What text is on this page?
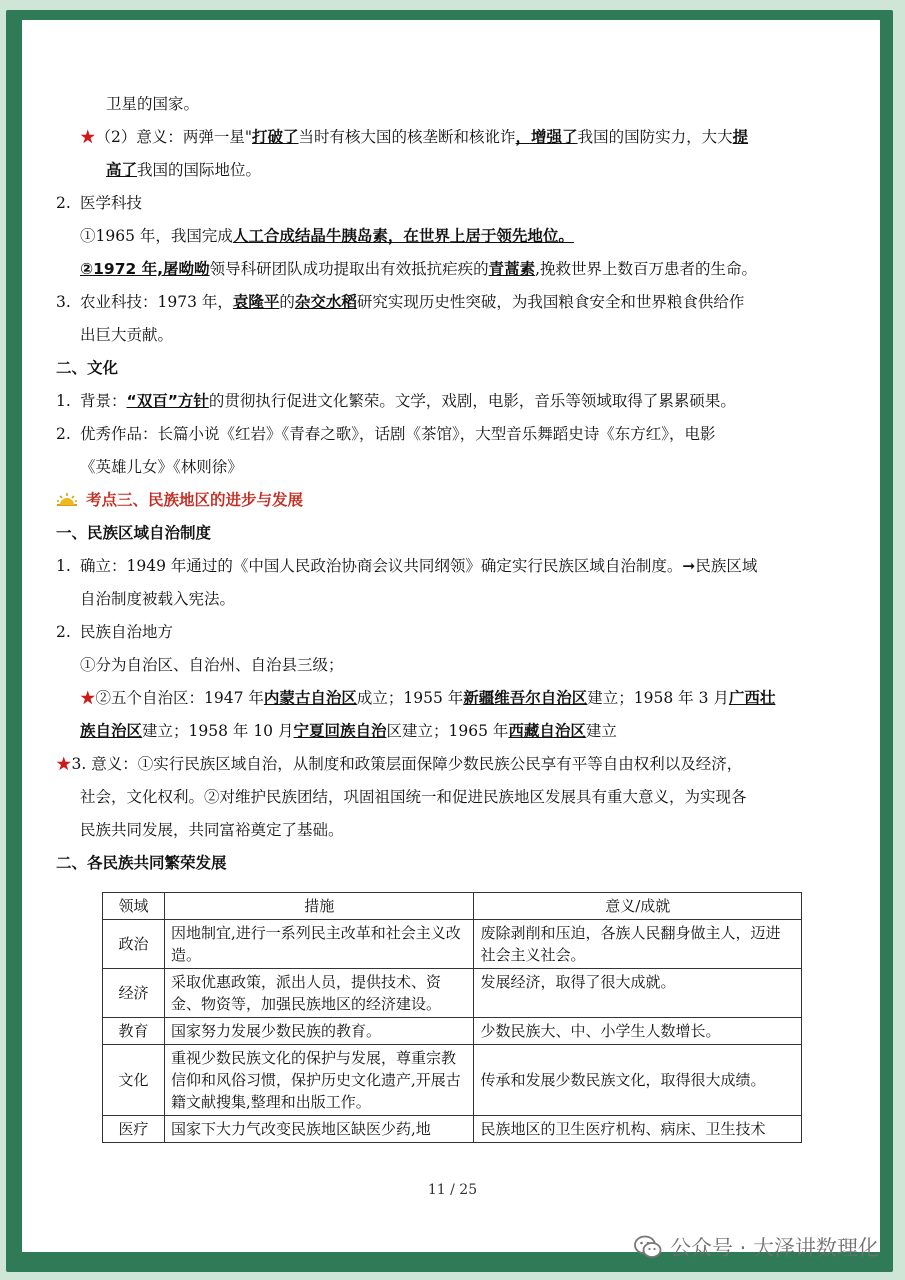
卫星的国家。
★（2）意义：两弹一星"打破了当时有核大国的核垄断和核讹诈，增强了我国的国防实力，大大提
高了我国的国际地位。
2. 医学科技
①1965 年，我国完成人工合成结晶牛胰岛素，在世界上居于领先地位。
②1972 年,屠呦呦领导科研团队成功提取出有效抵抗疟疾的青蒿素,挽救世界上数百万患者的生命。
3. 农业科技：1973 年，袁隆平的杂交水稻研究实现历史性突破，为我国粮食安全和世界粮食供给作
出巨大贡献。
二、文化
1. 背景：“双百”方针的贯彻执行促进文化繁荣。文学，戏剧，电影，音乐等领域取得了累累硕果。
2. 优秀作品：长篇小说《红岩》《青春之歌》，话剧《茶馆》，大型音乐舞蹈史诗《东方红》，电影
《英雄儿女》《林则徐》
考点三、民族地区的进步与发展
一、民族区域自治制度
1. 确立：1949 年通过的《中国人民政治协商会议共同纲领》确定实行民族区域自治制度。➞民族区域
自治制度被载入宪法。
2. 民族自治地方
①分为自治区、自治州、自治县三级；
★②五个自治区：1947 年内蒙古自治区成立；1955 年新疆维吾尔自治区建立；1958 年 3 月广西壮
族自治区建立；1958 年 10 月宁夏回族自治区建立；1965 年西藏自治区建立
★3. 意义：①实行民族区域自治，从制度和政策层面保障少数民族公民享有平等自由权利以及经济，
社会，文化权利。②对维护民族团结，巩固祖国统一和促进民族地区发展具有重大意义，为实现各
民族共同发展，共同富裕奠定了基础。
二、各民族共同繁荣发展
领域	措施	意义/成就
政治	因地制宜,进行一系列民主改革和社会主义改造。	废除剥削和压迫，各族人民翻身做主人，迈进社会主义社会。
经济	采取优惠政策，派出人员，提供技术、资金、物资等，加强民族地区的经济建设。	发展经济，取得了很大成就。
教育	国家努力发展少数民族的教育。	少数民族大、中、小学生人数增长。
文化	重视少数民族文化的保护与发展，尊重宗教信仰和风俗习惯，保护历史文化遗产,开展古籍文献搜集,整理和出版工作。	传承和发展少数民族文化，取得很大成绩。
医疗	国家下大力气改变民族地区缺医少药,地	民族地区的卫生医疗机构、病床、卫生技术
11 / 25
公众号 · 大泽讲数理化
